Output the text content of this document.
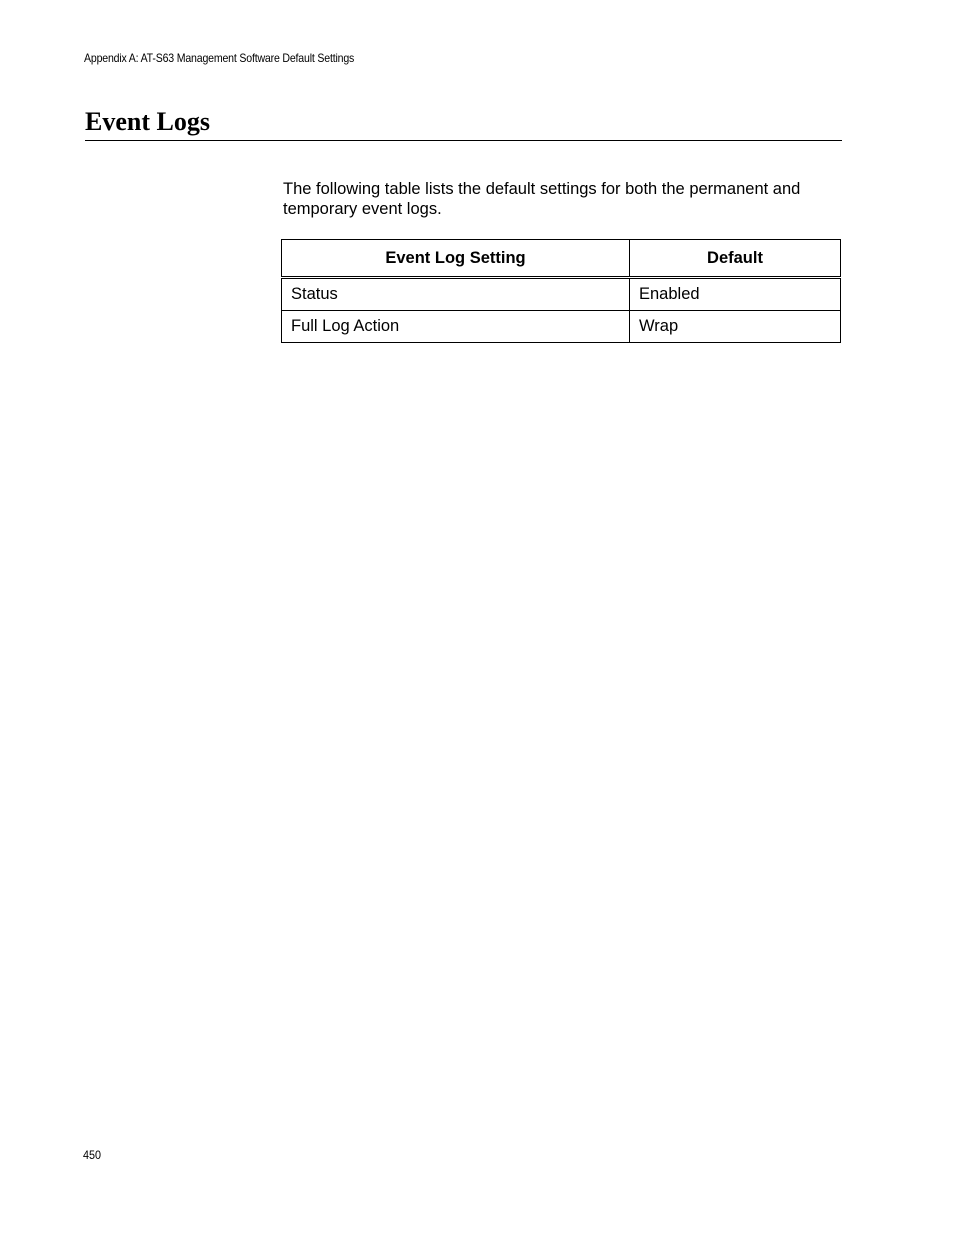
Appendix A: AT-S63 Management Software Default Settings
Event Logs

The following table lists the default settings for both the permanent and temporary event logs.

Event Log Setting	Default
Status	Enabled
Full Log Action	Wrap
450
